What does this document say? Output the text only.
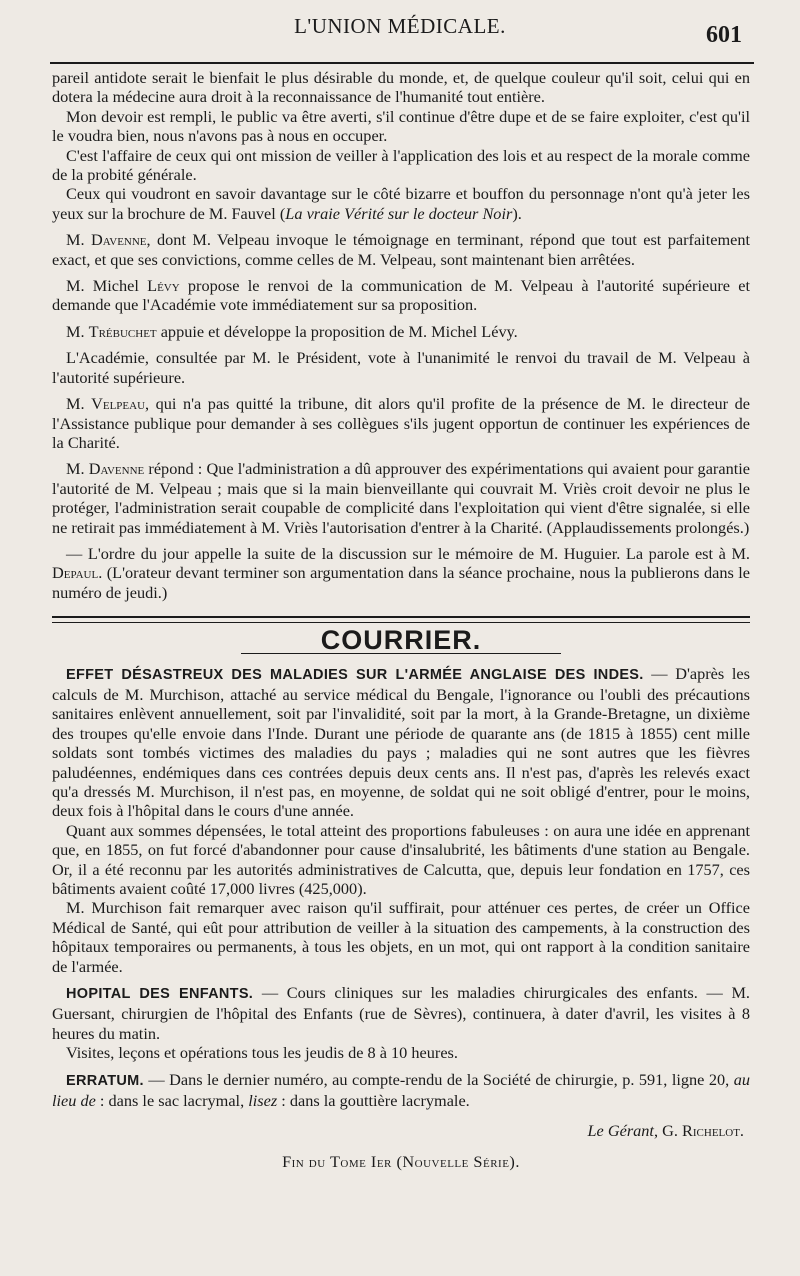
L'UNION MÉDICALE.	601

pareil antidote serait le bienfait le plus désirable du monde, et, de quelque couleur qu'il soit, celui qui en dotera la médecine aura droit à la reconnaissance de l'humanité tout entière.

Mon devoir est rempli, le public va être averti, s'il continue d'être dupe et de se faire exploiter, c'est qu'il le voudra bien, nous n'avons pas à nous en occuper.

C'est l'affaire de ceux qui ont mission de veiller à l'application des lois et au respect de la morale comme de la probité générale.

Ceux qui voudront en savoir davantage sur le côté bizarre et bouffon du personnage n'ont qu'à jeter les yeux sur la brochure de M. Fauvel (La vraie Vérité sur le docteur Noir).

M. Davenne, dont M. Velpeau invoque le témoignage en terminant, répond que tout est parfaitement exact, et que ses convictions, comme celles de M. Velpeau, sont maintenant bien arrêtées.

M. Michel Lévy propose le renvoi de la communication de M. Velpeau à l'autorité supérieure et demande que l'Académie vote immédiatement sur sa proposition.

M. Trébuchet appuie et développe la proposition de M. Michel Lévy.

L'Académie, consultée par M. le Président, vote à l'unanimité le renvoi du travail de M. Velpeau à l'autorité supérieure.

M. Velpeau, qui n'a pas quitté la tribune, dit alors qu'il profite de la présence de M. le directeur de l'Assistance publique pour demander à ses collègues s'ils jugent opportun de continuer les expériences de la Charité.

M. Davenne répond : Que l'administration a dû approuver des expérimentations qui avaient pour garantie l'autorité de M. Velpeau ; mais que si la main bienveillante qui couvrait M. Vriès croit devoir ne plus le protéger, l'administration serait coupable de complicité dans l'exploitation qui vient d'être signalée, si elle ne retirait pas immédiatement à M. Vriès l'autorisation d'entrer à la Charité. (Applaudissements prolongés.)

— L'ordre du jour appelle la suite de la discussion sur le mémoire de M. Huguier. La parole est à M. Depaul. (L'orateur devant terminer son argumentation dans la séance prochaine, nous la publierons dans le numéro de jeudi.)

COURRIER.

EFFET DÉSASTREUX DES MALADIES SUR L'ARMÉE ANGLAISE DES INDES. — D'après les calculs de M. Murchison, attaché au service médical du Bengale, l'ignorance ou l'oubli des précautions sanitaires enlèvent annuellement, soit par l'invalidité, soit par la mort, à la Grande-Bretagne, un dixième des troupes qu'elle envoie dans l'Inde. Durant une période de quarante ans (de 1815 à 1855) cent mille soldats sont tombés victimes des maladies du pays ; maladies qui ne sont autres que les fièvres paludéennes, endémiques dans ces contrées depuis deux cents ans. Il n'est pas, d'après les relevés exact qu'a dressés M. Murchison, il n'est pas, en moyenne, de soldat qui ne soit obligé d'entrer, pour le moins, deux fois à l'hôpital dans le cours d'une année.

Quant aux sommes dépensées, le total atteint des proportions fabuleuses : on aura une idée en apprenant que, en 1855, on fut forcé d'abandonner pour cause d'insalubrité, les bâtiments d'une station au Bengale. Or, il a été reconnu par les autorités administratives de Calcutta, que, depuis leur fondation en 1757, ces bâtiments avaient coûté 17,000 livres (425,000).

M. Murchison fait remarquer avec raison qu'il suffirait, pour atténuer ces pertes, de créer un Office Médical de Santé, qui eût pour attribution de veiller à la situation des campements, à la construction des hôpitaux temporaires ou permanents, à tous les objets, en un mot, qui ont rapport à la condition sanitaire de l'armée.

HOPITAL DES ENFANTS. — Cours cliniques sur les maladies chirurgicales des enfants. — M. Guersant, chirurgien de l'hôpital des Enfants (rue de Sèvres), continuera, à dater d'avril, les visites à 8 heures du matin.

Visites, leçons et opérations tous les jeudis de 8 à 10 heures.

ERRATUM. — Dans le dernier numéro, au compte-rendu de la Société de chirurgie, p. 591, ligne 20, au lieu de : dans le sac lacrymal, lisez : dans la gouttière lacrymale.

Le Gérant, G. Richelot.

Fin du Tome Ier (Nouvelle Série).
